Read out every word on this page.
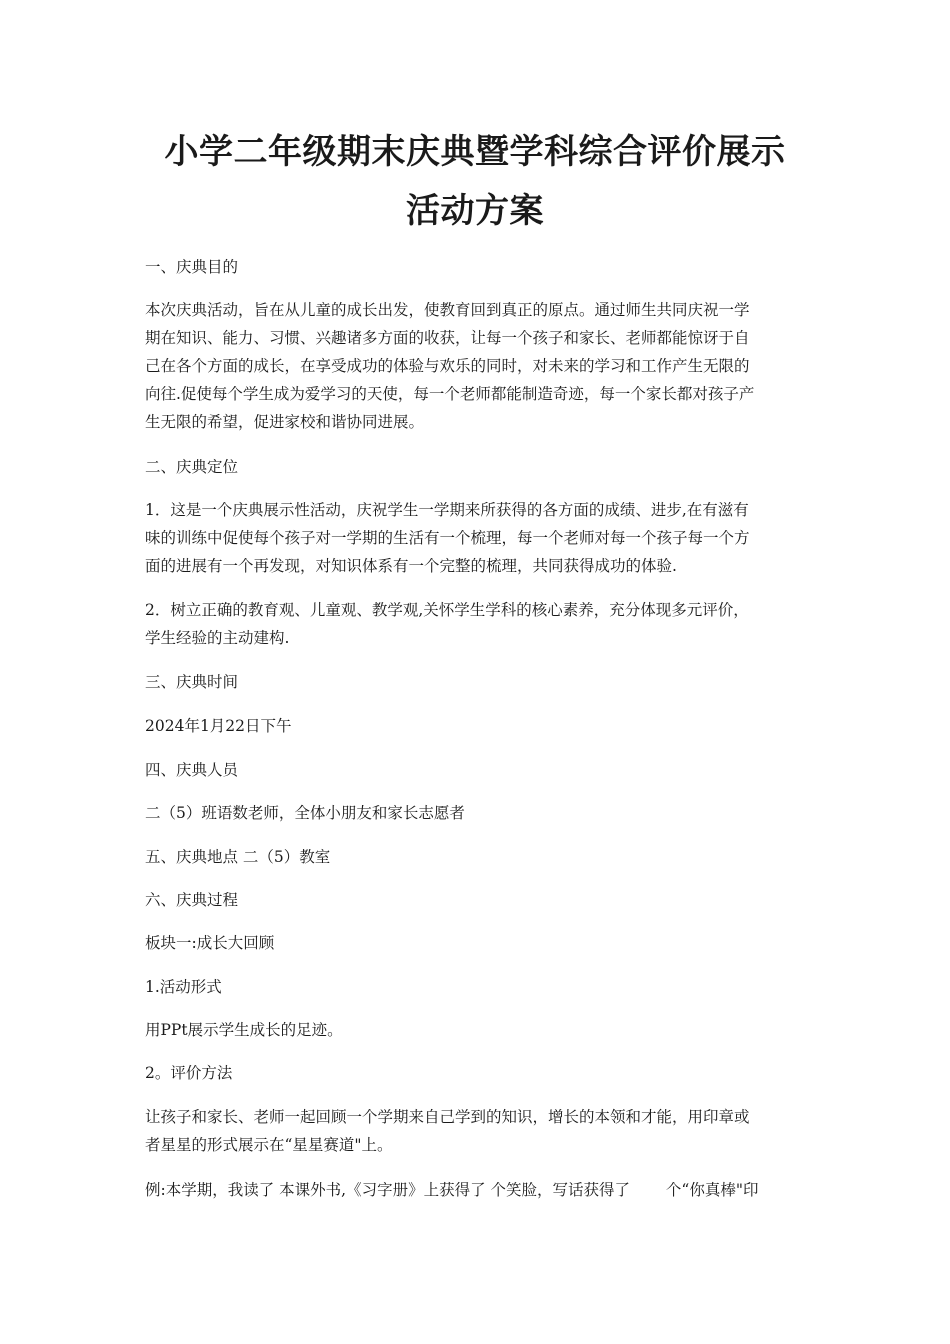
小学二年级期末庆典暨学科综合评价展示
活动方案
一、庆典目的
本次庆典活动，旨在从儿童的成长出发，使教育回到真正的原点。通过师生共同庆祝一学
期在知识、能力、习惯、兴趣诸多方面的收获，让每一个孩子和家长、老师都能惊讶于自
己在各个方面的成长，在享受成功的体验与欢乐的同时，对未来的学习和工作产生无限的
向往.促使每个学生成为爱学习的天使，每一个老师都能制造奇迹，每一个家长都对孩子产
生无限的希望，促进家校和谐协同进展。
二、庆典定位
1．这是一个庆典展示性活动，庆祝学生一学期来所获得的各方面的成绩、进步,在有滋有
味的训练中促使每个孩子对一学期的生活有一个梳理，每一个老师对每一个孩子每一个方
面的进展有一个再发现，对知识体系有一个完整的梳理，共同获得成功的体验.
2．树立正确的教育观、儿童观、教学观,关怀学生学科的核心素养，充分体现多元评价，
学生经验的主动建构.
三、庆典时间
2024年1月22日下午
四、庆典人员
二（5）班语数老师，全体小朋友和家长志愿者
五、庆典地点 二（5）教室
六、庆典过程
板块一:成长大回顾
1.活动形式
用PPt展示学生成长的足迹。
2。评价方法
让孩子和家长、老师一起回顾一个学期来自己学到的知识，增长的本领和才能，用印章或
者星星的形式展示在“星星赛道"上。
例:本学期，我读了 本课外书,《习字册》上获得了 个笑脸，写话获得了　　 个“你真棒"印
